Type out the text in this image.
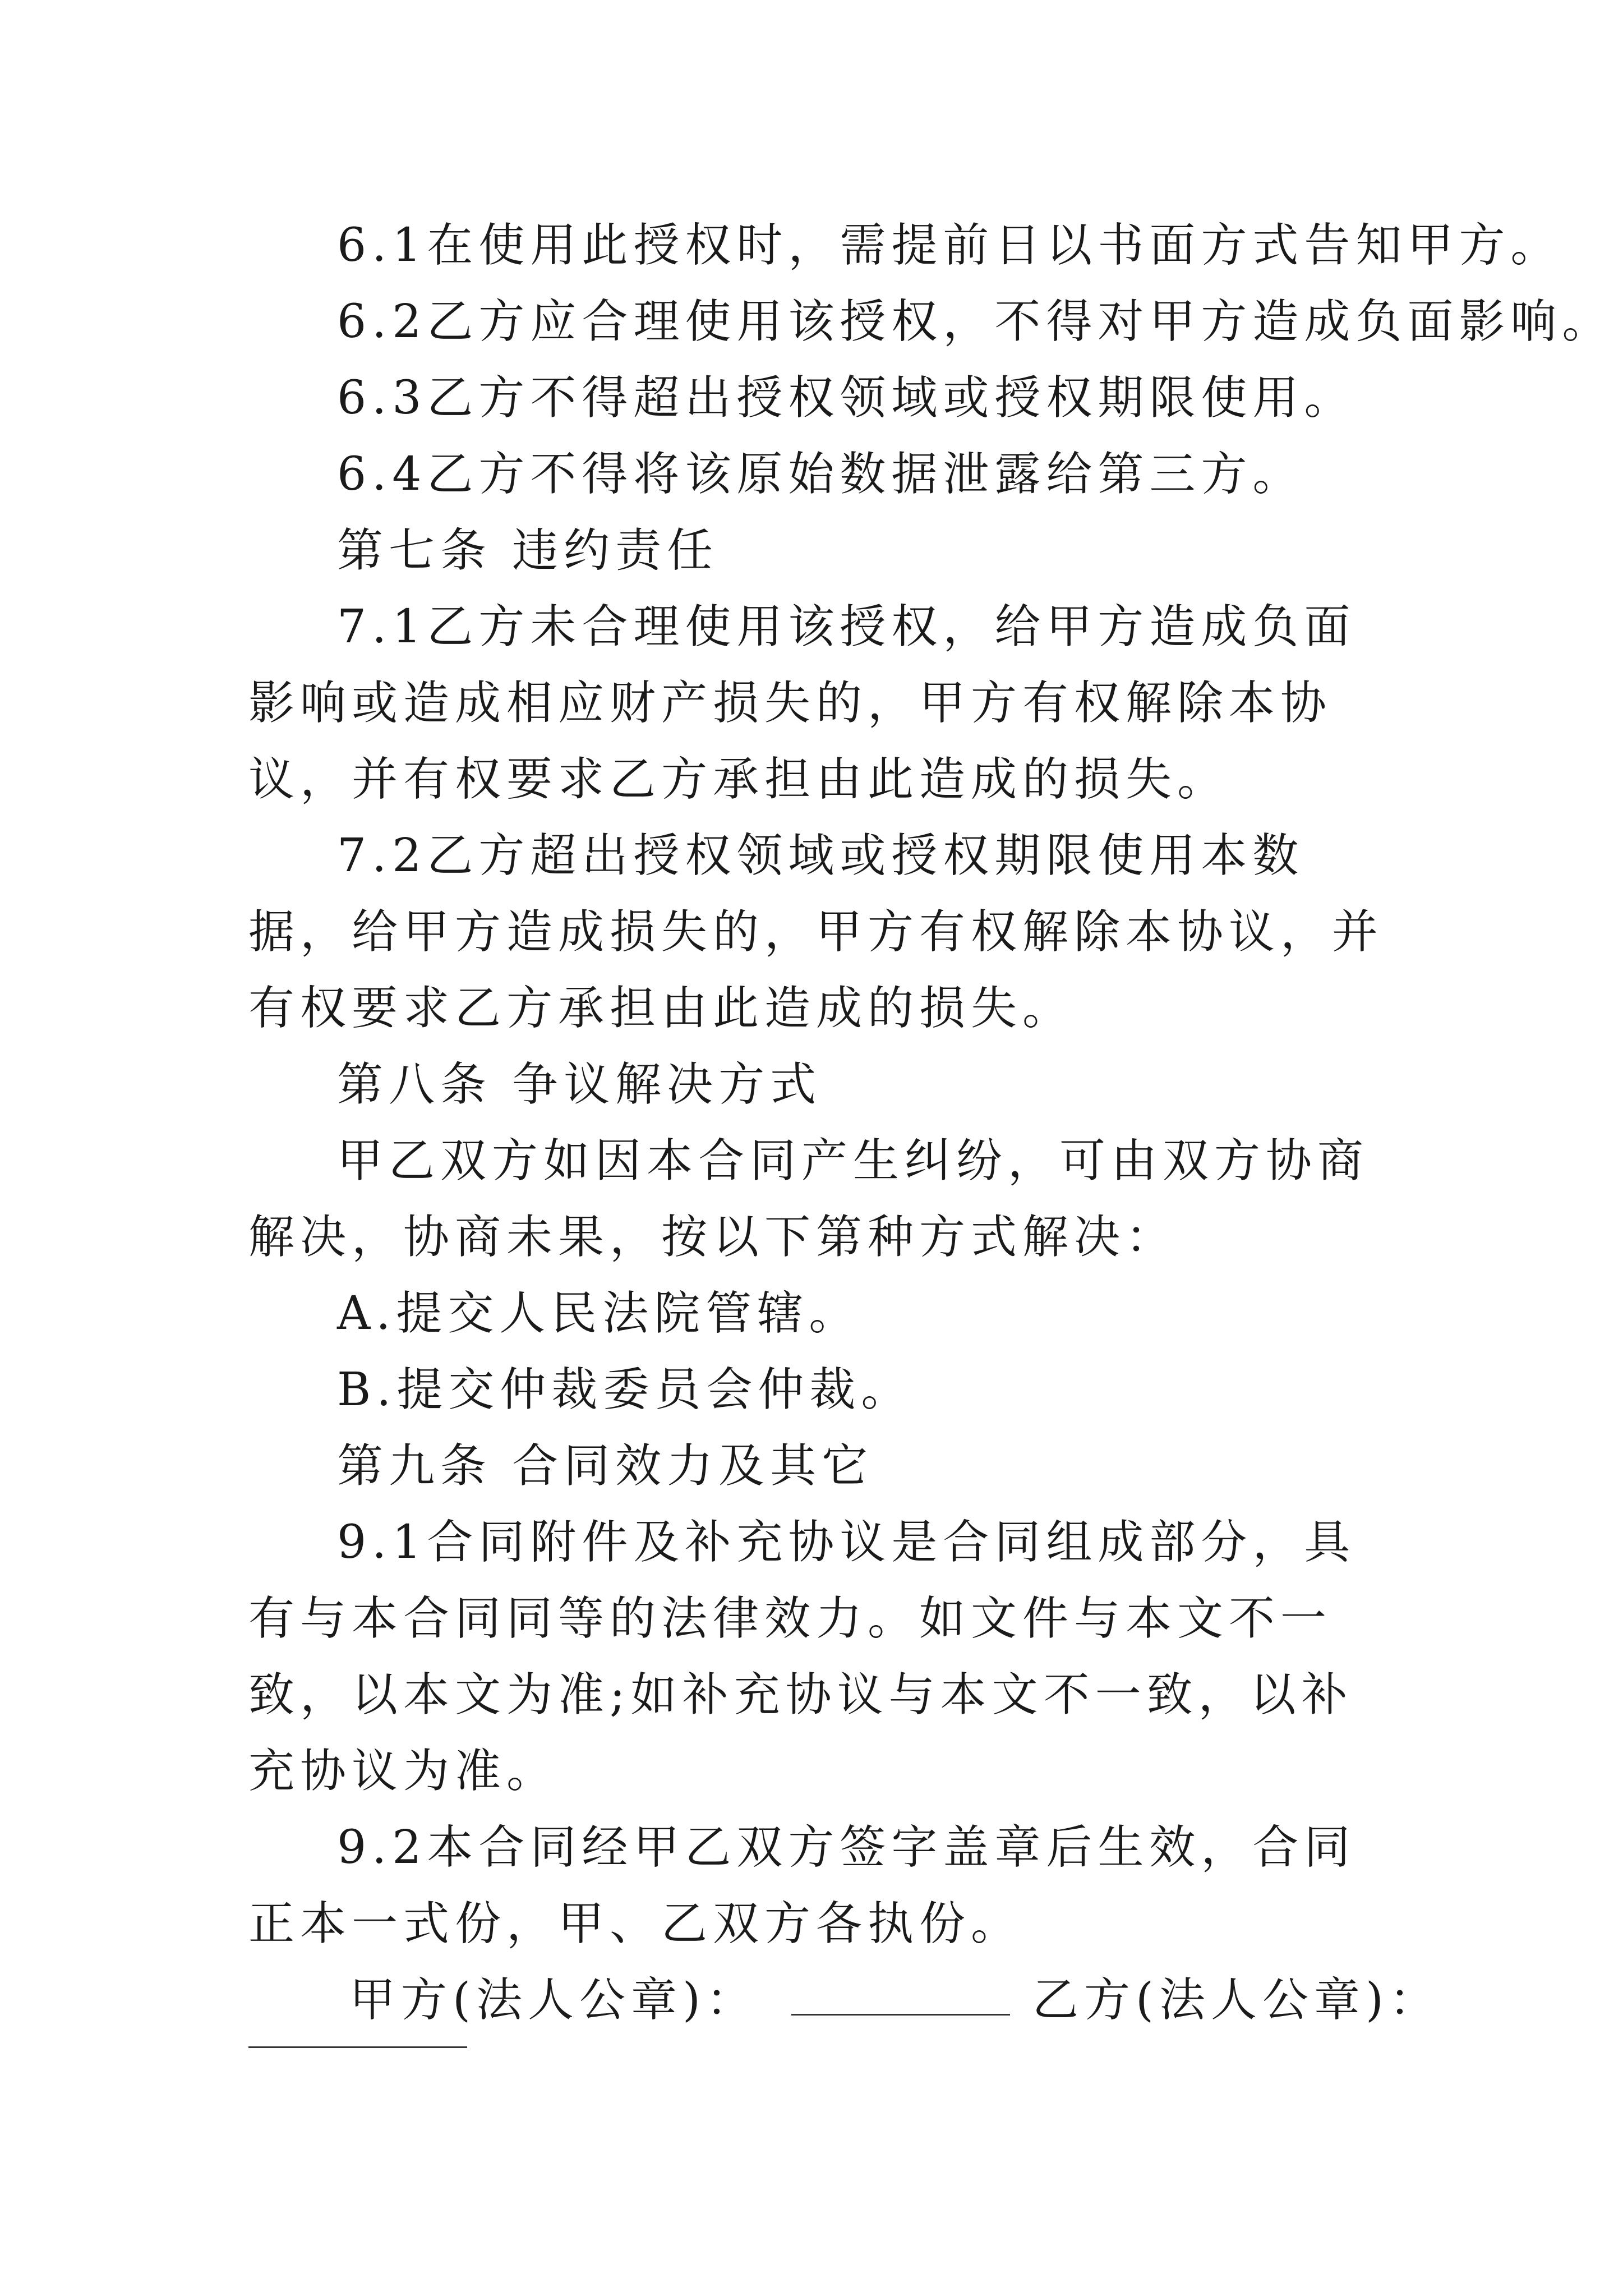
6.1在使用此授权时，需提前日以书面方式告知甲方。

6.2乙方应合理使用该授权，不得对甲方造成负面影响。

6.3乙方不得超出授权领域或授权期限使用。

6.4乙方不得将该原始数据泄露给第三方。

第七条 违约责任

7.1乙方未合理使用该授权，给甲方造成负面影响或造成相应财产损失的，甲方有权解除本协议，并有权要求乙方承担由此造成的损失。

7.2乙方超出授权领域或授权期限使用本数据，给甲方造成损失的，甲方有权解除本协议，并有权要求乙方承担由此造成的损失。

第八条 争议解决方式

甲乙双方如因本合同产生纠纷，可由双方协商解决，协商未果，按以下第种方式解决：

A.提交人民法院管辖。

B.提交仲裁委员会仲裁。

第九条 合同效力及其它

9.1合同附件及补充协议是合同组成部分，具有与本合同同等的法律效力。如文件与本文不一致，以本文为准;如补充协议与本文不一致，以补充协议为准。

9.2本合同经甲乙双方签字盖章后生效，合同正本一式份，甲、乙双方各执份。

甲方(法人公章)：	乙方(法人公章)：
